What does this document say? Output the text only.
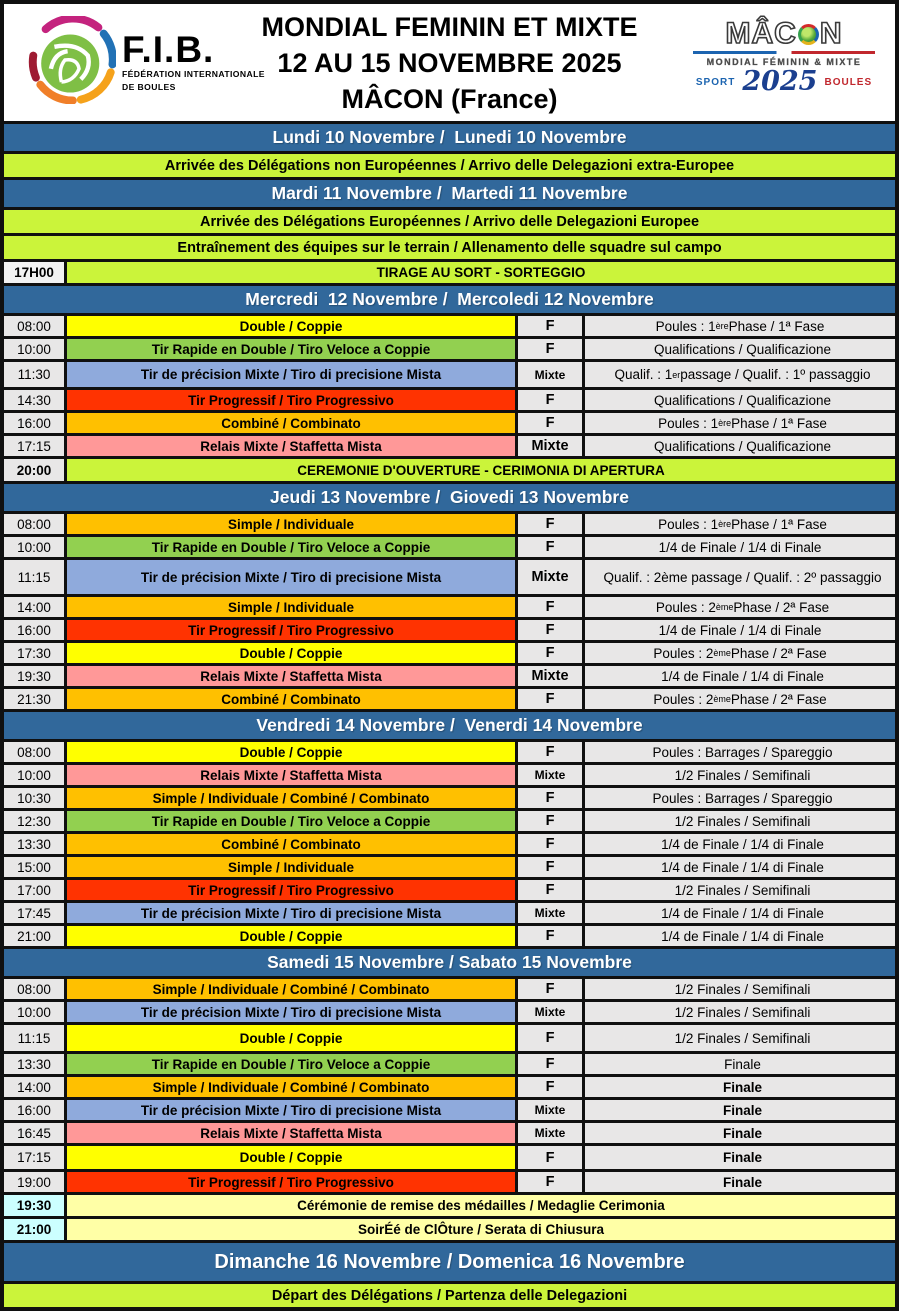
F.I.B.
FÉDÉRATION INTERNATIONALE
DE BOULES
MONDIAL FEMININ ET MIXTE
12 AU 15 NOVEMBRE 2025
MÂCON (France)
MÂC N
MONDIAL FÉMININ & MIXTE
SPORT 2025 BOULES
Lundi 10 Novembre /  Lunedi 10 Novembre
Arrivée des Délégations non Européennes / Arrivo delle Delegazioni extra-Europee
Mardi 11 Novembre /  Martedi 11 Novembre
Arrivée des Délégations Européennes / Arrivo delle Delegazioni Europee
Entraînement des équipes sur le terrain / Allenamento delle squadre sul campo
17H00	TIRAGE AU SORT - SORTEGGIO
Mercredi  12 Novembre /  Mercoledi 12 Novembre
08:00	Double / Coppie	F	Poules : 1 ère Phase / 1ª Fase
10:00	Tir Rapide en Double / Tiro Veloce a Coppie	F	Qualifications / Qualificazione
11:30	Tir de précision Mixte / Tiro di precisione Mista	Mixte	Qualif. : 1 er passage / Qualif. : 1º passaggio
14:30	Tir Progressif / Tiro Progressivo	F	Qualifications / Qualificazione
16:00	Combiné / Combinato	F	Poules : 1 ère Phase / 1ª Fase
17:15	Relais Mixte / Staffetta Mista	Mixte	Qualifications / Qualificazione
20:00	CEREMONIE D'OUVERTURE - CERIMONIA DI APERTURA
Jeudi 13 Novembre /  Giovedi 13 Novembre
08:00	Simple / Individuale	F	Poules : 1 ère Phase / 1ª Fase
10:00	Tir Rapide en Double / Tiro Veloce a Coppie	F	1/4 de Finale / 1/4 di Finale
11:15	Tir de précision Mixte / Tiro di precisione Mista	Mixte	Qualif. : 2ème passage / Qualif. : 2º passaggio
14:00	Simple / Individuale	F	Poules : 2 ème Phase / 2ª Fase
16:00	Tir Progressif / Tiro Progressivo	F	1/4 de Finale / 1/4 di Finale
17:30	Double / Coppie	F	Poules : 2 ème Phase / 2ª Fase
19:30	Relais Mixte / Staffetta Mista	Mixte	1/4 de Finale / 1/4 di Finale
21:30	Combiné / Combinato	F	Poules : 2 ème Phase / 2ª Fase
Vendredi 14 Novembre /  Venerdi 14 Novembre
08:00	Double / Coppie	F	Poules : Barrages / Spareggio
10:00	Relais Mixte / Staffetta Mista	Mixte	1/2 Finales / Semifinali
10:30	Simple / Individuale / Combiné / Combinato	F	Poules : Barrages / Spareggio
12:30	Tir Rapide en Double / Tiro Veloce a Coppie	F	1/2 Finales / Semifinali
13:30	Combiné / Combinato	F	1/4 de Finale / 1/4 di Finale
15:00	Simple / Individuale	F	1/4 de Finale / 1/4 di Finale
17:00	Tir Progressif / Tiro Progressivo	F	1/2 Finales / Semifinali
17:45	Tir de précision Mixte / Tiro di precisione Mista	Mixte	1/4 de Finale / 1/4 di Finale
21:00	Double / Coppie	F	1/4 de Finale / 1/4 di Finale
Samedi 15 Novembre / Sabato 15 Novembre
08:00	Simple / Individuale / Combiné / Combinato	F	1/2 Finales / Semifinali
10:00	Tir de précision Mixte / Tiro di precisione Mista	Mixte	1/2 Finales / Semifinali
11:15	Double / Coppie	F	1/2 Finales / Semifinali
13:30	Tir Rapide en Double / Tiro Veloce a Coppie	F	Finale
14:00	Simple / Individuale / Combiné / Combinato	F	Finale
16:00	Tir de précision Mixte / Tiro di precisione Mista	Mixte	Finale
16:45	Relais Mixte / Staffetta Mista	Mixte	Finale
17:15	Double / Coppie	F	Finale
19:00	Tir Progressif / Tiro Progressivo	F	Finale
19:30	Cérémonie de remise des médailles / Medaglie Cerimonia
21:00	SoirÉé de ClÔture / Serata di Chiusura
Dimanche 16 Novembre / Domenica 16 Novembre
Départ des Délégations / Partenza delle Delegazioni
